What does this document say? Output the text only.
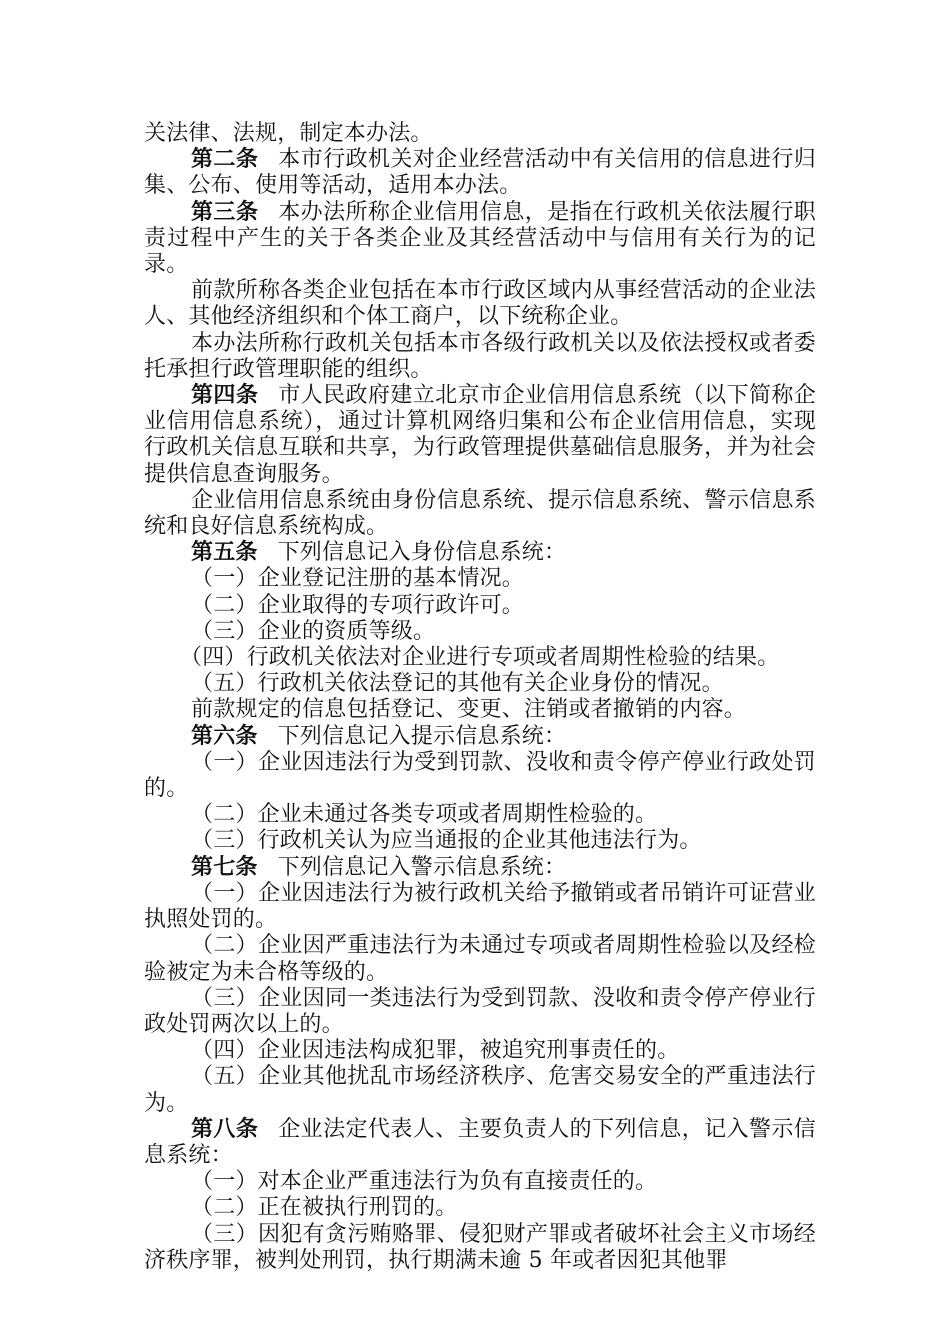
关法律、法规，制定本办法。

第二条 本市行政机关对企业经营活动中有关信用的信息进行归集、公布、使用等活动，适用本办法。

第三条 本办法所称企业信用信息，是指在行政机关依法履行职责过程中产生的关于各类企业及其经营活动中与信用有关行为的记录。

前款所称各类企业包括在本市行政区域内从事经营活动的企业法人、其他经济组织和个体工商户，以下统称企业。

本办法所称行政机关包括本市各级行政机关以及依法授权或者委托承担行政管理职能的组织。

第四条 市人民政府建立北京市企业信用信息系统（以下简称企业信用信息系统），通过计算机网络归集和公布企业信用信息，实现行政机关信息互联和共享，为行政管理提供墓础信息服务，并为社会提供信息查询服务。

企业信用信息系统由身份信息系统、提示信息系统、警示信息系统和良好信息系统构成。

第五条 下列信息记入身份信息系统：

（一）企业登记注册的基本情况。

（二）企业取得的专项行政许可。

（三）企业的资质等级。

（四）行政机关依法对企业进行专项或者周期性检验的结果。

（五）行政机关依法登记的其他有关企业身份的情况。

前款规定的信息包括登记、变更、注销或者撤销的内容。

第六条 下列信息记入提示信息系统：

（一）企业因违法行为受到罚款、没收和责令停产停业行政处罚的。

（二）企业未通过各类专项或者周期性检验的。

（三）行政机关认为应当通报的企业其他违法行为。

第七条 下列信息记入警示信息系统：

（一）企业因违法行为被行政机关给予撤销或者吊销许可证营业执照处罚的。

（二）企业因严重违法行为未通过专项或者周期性检验以及经检验被定为未合格等级的。

（三）企业因同一类违法行为受到罚款、没收和责令停产停业行政处罚两次以上的。

（四）企业因违法构成犯罪，被追究刑事责任的。

（五）企业其他扰乱市场经济秩序、危害交易安全的严重违法行为。

第八条 企业法定代表人、主要负责人的下列信息，记入警示信息系统：

（一）对本企业严重违法行为负有直接责任的。

（二）正在被执行刑罚的。

（三）因犯有贪污贿赂罪、侵犯财产罪或者破坏社会主义市场经济秩序罪，被判处刑罚，执行期满未逾 5 年或者因犯其他罪
